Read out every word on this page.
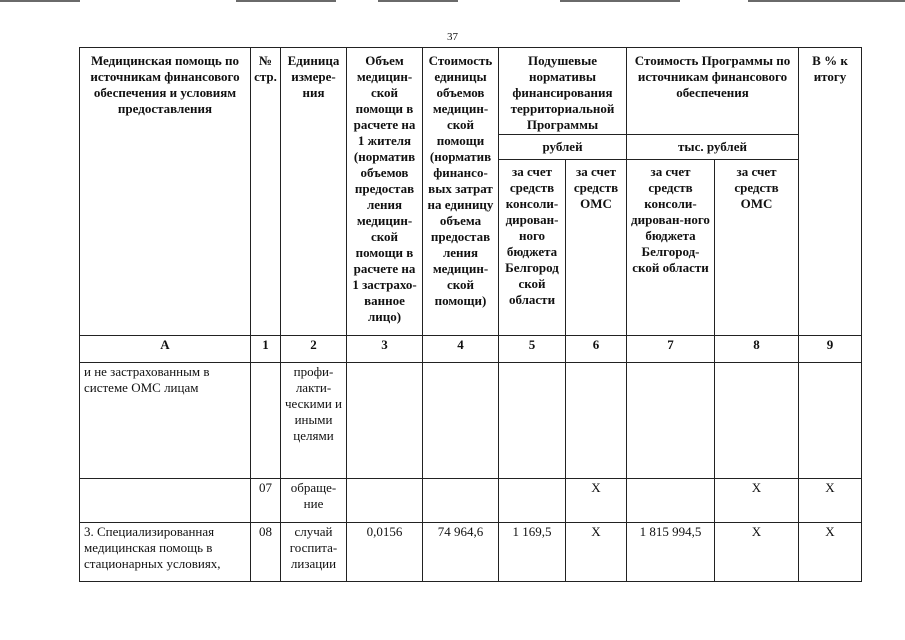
37
Медицинская помощь по источникам финансового обеспечения и условиям предоставления	№ стр.	Единица измере-ния	Объем медицин-ской помощи в расчете на 1 жителя (норматив объемов предостав ления медицин-ской помощи в расчете на 1 застрахо-ванное лицо)	Стоимость единицы объемов медицин-ской помощи (норматив финансо-вых затрат на единицу объема предостав ления медицин-ской помощи)	Подушевые нормативы финансирования территориальной Программы		Стоимость Программы по источникам финансового обеспечения		В % к итогу
					рублей		тыс. рублей		
					за счет средств консоли-дирован-ного бюджета Белгород ской области	за счет средств ОМС	за счет средств консоли-дирован-ного бюджета Белгород-ской области	за счет средств ОМС	
А	1	2	3	4	5	6	7	8	9
и не застрахованным в системе ОМС лицам		профи-лакти-ческими и иными целями							
	07	обраще-ние				Х		Х	Х
3. Специализированная медицинская помощь в стационарных условиях,	08	случай госпита-лизации	0,0156	74 964,6	1 169,5	Х	1 815 994,5	Х	Х
